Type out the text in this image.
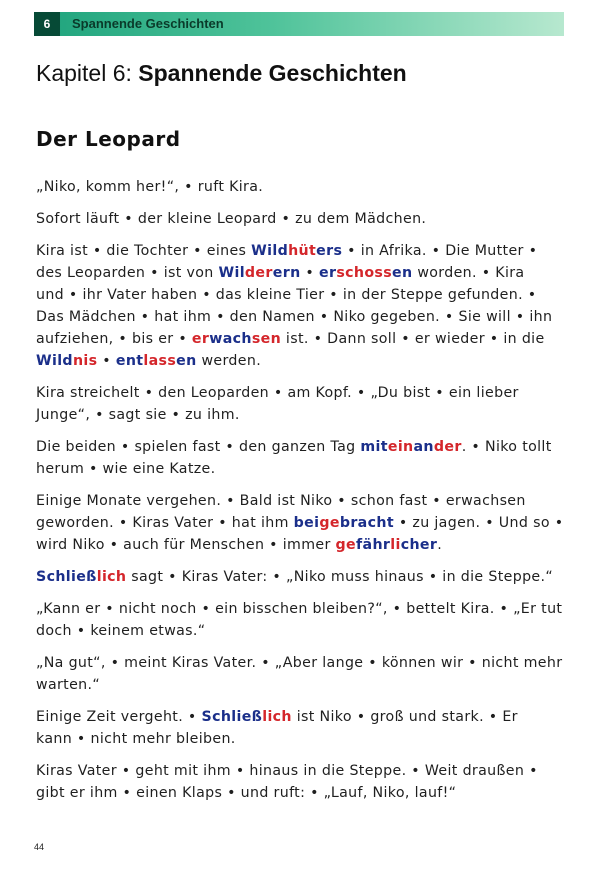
6	Spannende Geschichten
Kapitel 6: Spannende Geschichten
Der Leopard

„Niko, komm her!“, • ruft Kira.

Sofort läuft • der kleine Leopard • zu dem Mädchen.

Kira ist • die Tochter • eines Wildhüters • in Afrika. • Die Mutter •
des Leoparden • ist von Wilderern • erschossen worden. • Kira
und • ihr Vater haben • das kleine Tier • in der Steppe gefunden. •
Das Mädchen • hat ihm • den Namen • Niko gegeben. • Sie will • ihn
aufziehen, • bis er • erwachsen ist. • Dann soll • er wieder • in die
Wildnis • entlassen werden.

Kira streichelt • den Leoparden • am Kopf. • „Du bist • ein lieber
Junge“, • sagt sie • zu ihm.

Die beiden • spielen fast • den ganzen Tag miteinander. • Niko tollt
herum • wie eine Katze.

Einige Monate vergehen. • Bald ist Niko • schon fast • erwachsen
geworden. • Kiras Vater • hat ihm beigebracht • zu jagen. • Und so •
wird Niko • auch für Menschen • immer gefährlicher.

Schließlich sagt • Kiras Vater: • „Niko muss hinaus • in die Steppe.“

„Kann er • nicht noch • ein bisschen bleiben?“, • bettelt Kira. • „Er tut
doch • keinem etwas.“

„Na gut“, • meint Kiras Vater. • „Aber lange • können wir • nicht mehr
warten.“

Einige Zeit vergeht. • Schließlich ist Niko • groß und stark. • Er
kann • nicht mehr bleiben.

Kiras Vater • geht mit ihm • hinaus in die Steppe. • Weit draußen •
gibt er ihm • einen Klaps • und ruft: • „Lauf, Niko, lauf!“

44
